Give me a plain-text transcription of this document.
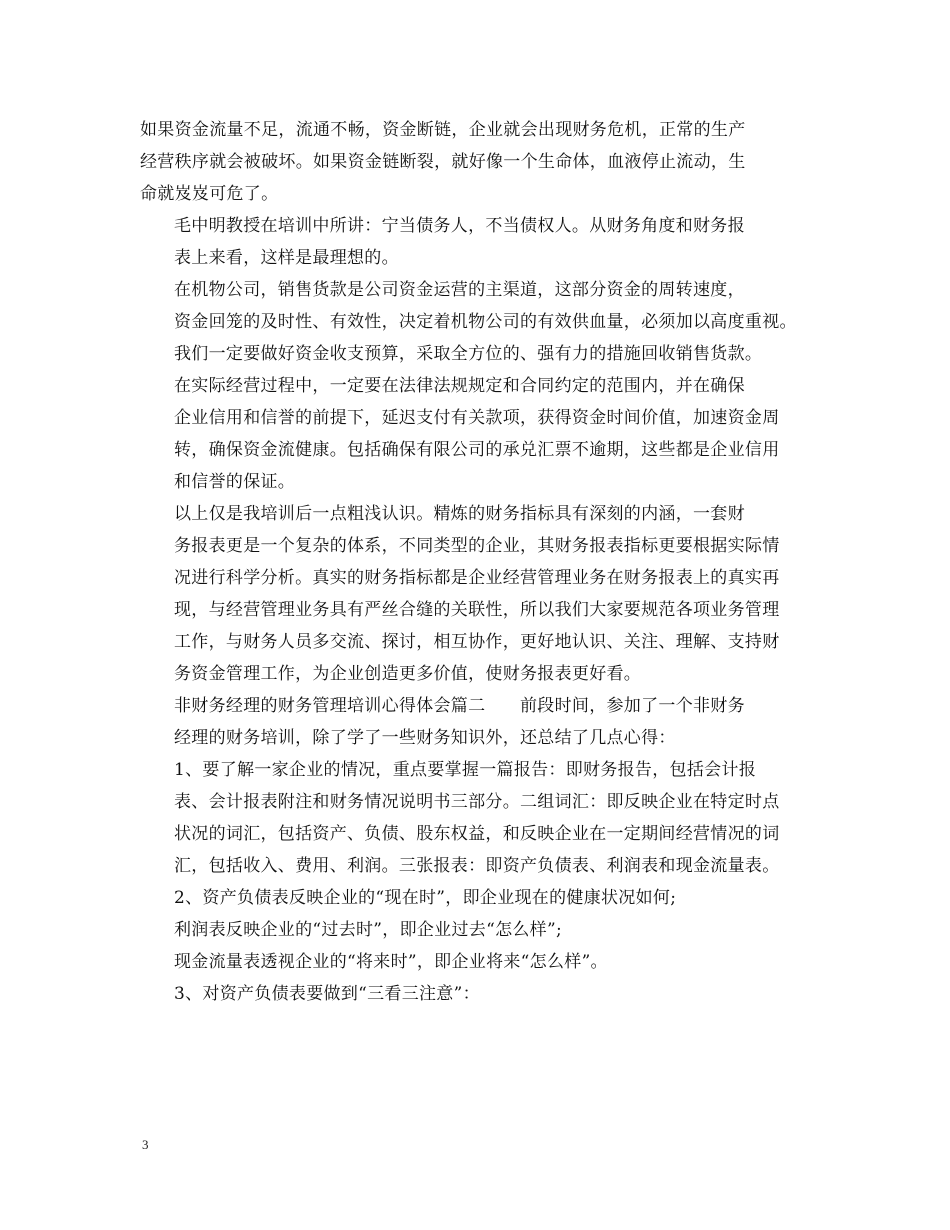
如果资金流量不足，流通不畅，资金断链，企业就会出现财务危机，正常的生产
经营秩序就会被破坏。如果资金链断裂，就好像一个生命体，血液停止流动，生
命就岌岌可危了。

毛中明教授在培训中所讲：宁当债务人，不当债权人。从财务角度和财务报
表上来看，这样是最理想的。

在机物公司，销售货款是公司资金运营的主渠道，这部分资金的周转速度，
资金回笼的及时性、有效性，决定着机物公司的有效供血量，必须加以高度重视。
我们一定要做好资金收支预算，采取全方位的、强有力的措施回收销售货款。

在实际经营过程中，一定要在法律法规规定和合同约定的范围内，并在确保
企业信用和信誉的前提下，延迟支付有关款项，获得资金时间价值，加速资金周
转，确保资金流健康。包括确保有限公司的承兑汇票不逾期，这些都是企业信用
和信誉的保证。

以上仅是我培训后一点粗浅认识。精炼的财务指标具有深刻的内涵，一套财
务报表更是一个复杂的体系，不同类型的企业，其财务报表指标更要根据实际情
况进行科学分析。真实的财务指标都是企业经营管理业务在财务报表上的真实再
现，与经营管理业务具有严丝合缝的关联性，所以我们大家要规范各项业务管理
工作，与财务人员多交流、探讨，相互协作，更好地认识、关注、理解、支持财
务资金管理工作，为企业创造更多价值，使财务报表更好看。

非财务经理的财务管理培训心得体会篇二　　前段时间，参加了一个非财务
经理的财务培训，除了学了一些财务知识外，还总结了几点心得：

1、要了解一家企业的情况，重点要掌握一篇报告：即财务报告，包括会计报
表、会计报表附注和财务情况说明书三部分。二组词汇：即反映企业在特定时点
状况的词汇，包括资产、负债、股东权益，和反映企业在一定期间经营情况的词
汇，包括收入、费用、利润。三张报表：即资产负债表、利润表和现金流量表。

2、资产负债表反映企业的“现在时”，即企业现在的健康状况如何;

利润表反映企业的“过去时”，即企业过去“怎么样”;

现金流量表透视企业的“将来时”，即企业将来“怎么样”。

3、对资产负债表要做到“三看三注意”：

3
